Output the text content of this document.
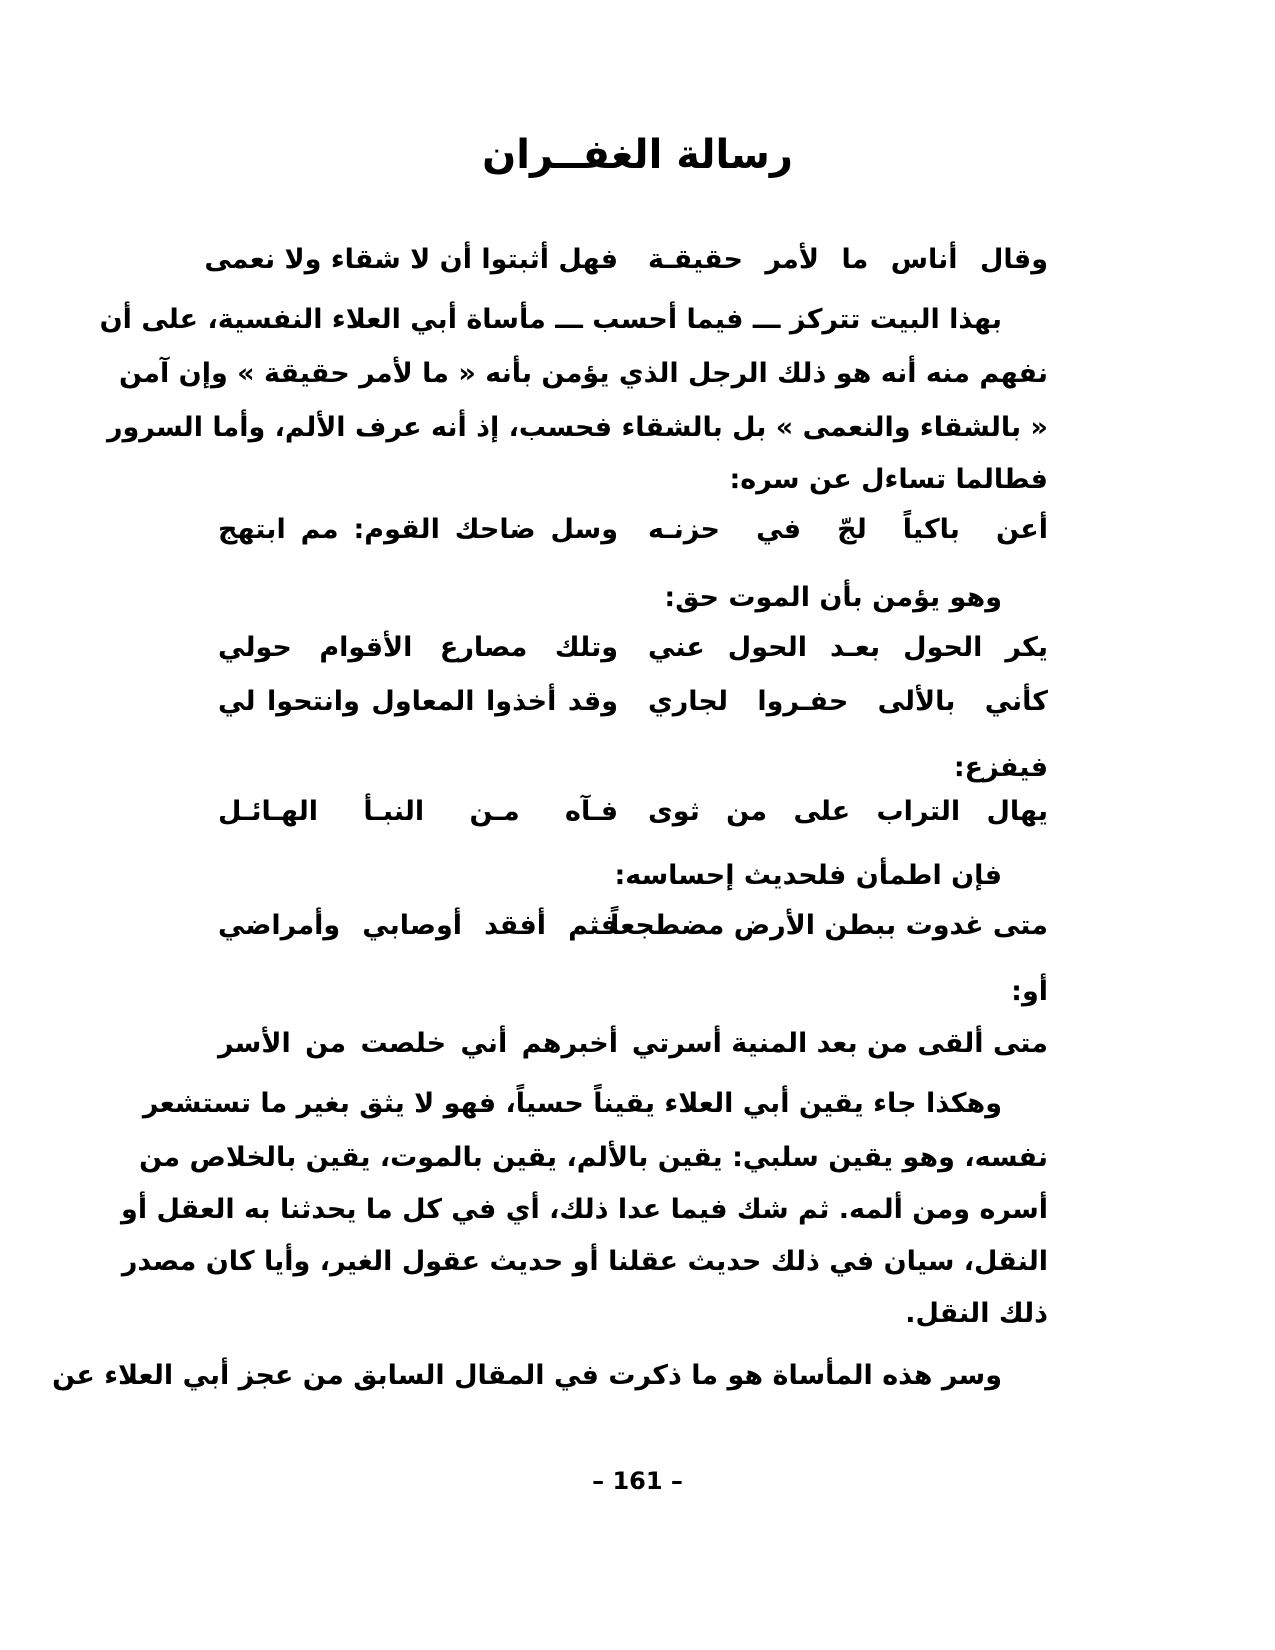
رسالة الغفــران
وقال أناس ما لأمر حقيقـة
فهل أثبتوا أن لا شقاء ولا نعمى
بهذا البيت تتركز ـــ فيما أحسب ـــ مأساة أبي العلاء النفسية، على أن
نفهم منه أنه هو ذلك الرجل الذي يؤمن بأنه « ما لأمر حقيقة » وإن آمن
« بالشقاء والنعمى » بل بالشقاء فحسب، إذ أنه عرف الألم، وأما السرور
فطالما تساءل عن سره:
أعن باكياً لجّ في حزنـه
وسل ضاحك القوم: مم ابتهج
وهو يؤمن بأن الموت حق:
يكر الحول بعـد الحول عني
وتلك مصارع الأقوام حولي
كأني بالألى حفـروا لجاري
وقد أخذوا المعاول وانتحوا لي
فيفزع:
يهال التراب على من ثوى
فـآه مـن النبـأ الهـائـل
فإن اطمأن فلحديث إحساسه:
متى غدوت ببطن الأرض مضطجعاً
فثم أفقد أوصابي وأمراضي
أو:
متى ألقى من بعد المنية أسرتي
أخبرهم أني خلصت من الأسر
وهكذا جاء يقين أبي العلاء يقيناً حسياً، فهو لا يثق بغير ما تستشعر
نفسه، وهو يقين سلبي: يقين بالألم، يقين بالموت، يقين بالخلاص من
أسره ومن ألمه. ثم شك فيما عدا ذلك، أي في كل ما يحدثنا به العقل أو
النقل، سيان في ذلك حديث عقلنا أو حديث عقول الغير، وأيا كان مصدر
ذلك النقل.
وسر هذه المأساة هو ما ذكرت في المقال السابق من عجز أبي العلاء عن
– 161 –
